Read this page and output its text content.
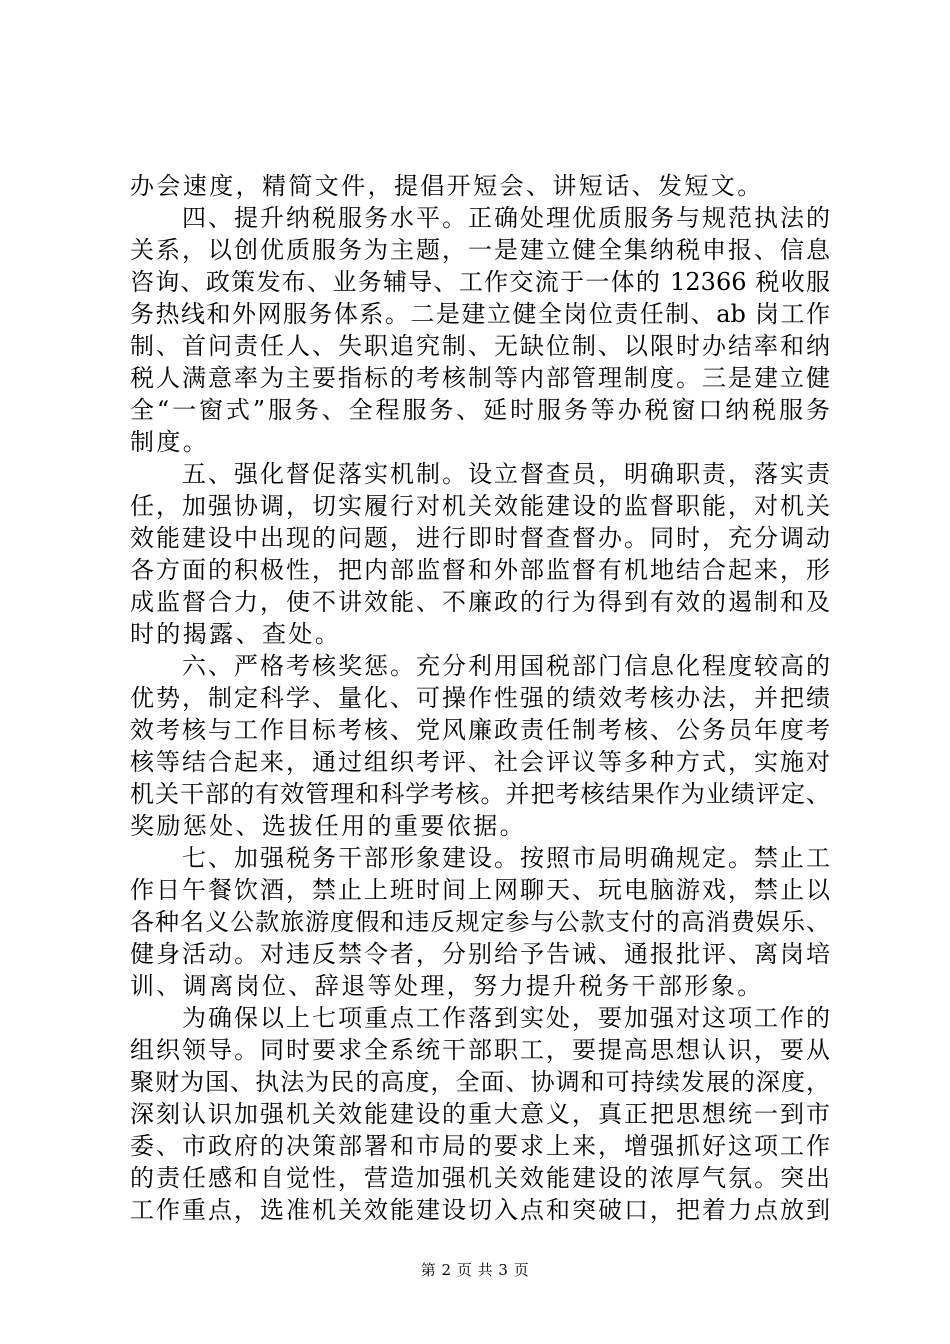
办会速度，精简文件，提倡开短会、讲短话、发短文。
　　四、提升纳税服务水平。正确处理优质服务与规范执法的
关系，以创优质服务为主题，一是建立健全集纳税申报、信息
咨询、政策发布、业务辅导、工作交流于一体的 12366 税收服
务热线和外网服务体系。二是建立健全岗位责任制、ab 岗工作
制、首问责任人、失职追究制、无缺位制、以限时办结率和纳
税人满意率为主要指标的考核制等内部管理制度。三是建立健
全“一窗式”服务、全程服务、延时服务等办税窗口纳税服务
制度。
　　五、强化督促落实机制。设立督查员，明确职责，落实责
任，加强协调，切实履行对机关效能建设的监督职能，对机关
效能建设中出现的问题，进行即时督查督办。同时，充分调动
各方面的积极性，把内部监督和外部监督有机地结合起来，形
成监督合力，使不讲效能、不廉政的行为得到有效的遏制和及
时的揭露、查处。
　　六、严格考核奖惩。充分利用国税部门信息化程度较高的
优势，制定科学、量化、可操作性强的绩效考核办法，并把绩
效考核与工作目标考核、党风廉政责任制考核、公务员年度考
核等结合起来，通过组织考评、社会评议等多种方式，实施对
机关干部的有效管理和科学考核。并把考核结果作为业绩评定、
奖励惩处、选拔任用的重要依据。
　　七、加强税务干部形象建设。按照市局明确规定。禁止工
作日午餐饮酒，禁止上班时间上网聊天、玩电脑游戏，禁止以
各种名义公款旅游度假和违反规定参与公款支付的高消费娱乐、
健身活动。对违反禁令者，分别给予告诫、通报批评、离岗培
训、调离岗位、辞退等处理，努力提升税务干部形象。
　　为确保以上七项重点工作落到实处，要加强对这项工作的
组织领导。同时要求全系统干部职工，要提高思想认识，要从
聚财为国、执法为民的高度，全面、协调和可持续发展的深度，
深刻认识加强机关效能建设的重大意义，真正把思想统一到市
委、市政府的决策部署和市局的要求上来，增强抓好这项工作
的责任感和自觉性，营造加强机关效能建设的浓厚气氛。突出
工作重点，选准机关效能建设切入点和突破口，把着力点放到
第 2 页 共 3 页
